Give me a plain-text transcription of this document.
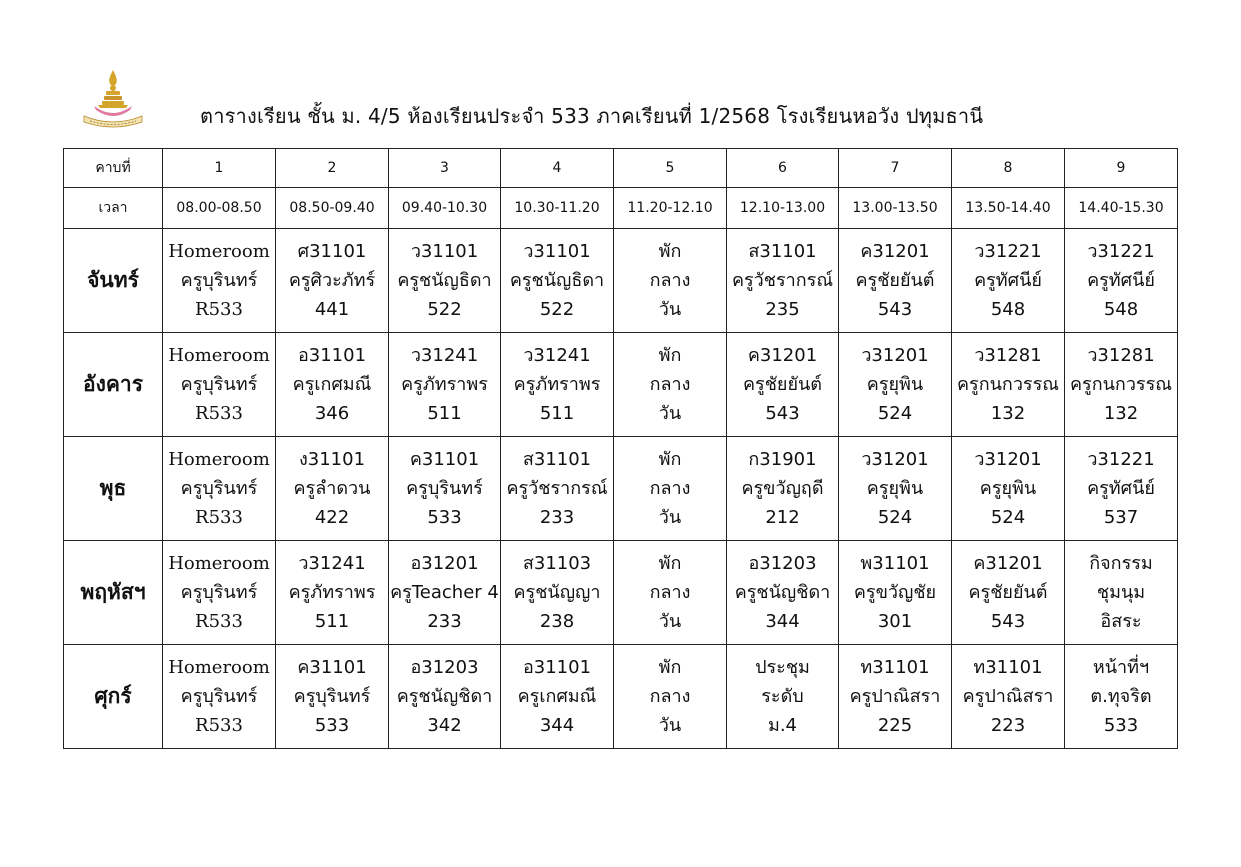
ตารางเรียน ชั้น ม. 4/5 ห้องเรียนประจำ 533 ภาคเรียนที่ 1/2568 โรงเรียนหอวัง ปทุมธานี
คาบที่	1	2	3	4	5	6	7	8	9
เวลา	08.00-08.50	08.50-09.40	09.40-10.30	10.30-11.20	11.20-12.10	12.10-13.00	13.00-13.50	13.50-14.40	14.40-15.30
จันทร์	Homeroom
ครูบุรินทร์
R533	ศ31101
ครูศิวะภัทร์
441	ว31101
ครูชนัญธิดา
522	ว31101
ครูชนัญธิดา
522	พัก
กลาง
วัน	ส31101
ครูวัชรากรณ์
235	ค31201
ครูชัยยันต์
543	ว31221
ครูทัศนีย์
548	ว31221
ครูทัศนีย์
548

อังคาร	Homeroom
ครูบุรินทร์
R533	อ31101
ครูเกศมณี
346	ว31241
ครูภัทราพร
511	ว31241
ครูภัทราพร
511	พัก
กลาง
วัน	ค31201
ครูชัยยันต์
543	ว31201
ครูยุพิน
524	ว31281
ครูกนกวรรณ
132	ว31281
ครูกนกวรรณ
132

พุธ	Homeroom
ครูบุรินทร์
R533	ง31101
ครูลำดวน
422	ค31101
ครูบุรินทร์
533	ส31101
ครูวัชรากรณ์
233	พัก
กลาง
วัน	ก31901
ครูขวัญฤดี
212	ว31201
ครูยุพิน
524	ว31201
ครูยุพิน
524	ว31221
ครูทัศนีย์
537

พฤหัสฯ	Homeroom
ครูบุรินทร์
R533	ว31241
ครูภัทราพร
511	อ31201
ครูTeacher 4
233	ส31103
ครูชนัญญา
238	พัก
กลาง
วัน	อ31203
ครูชนัญชิดา
344	พ31101
ครูขวัญชัย
301	ค31201
ครูชัยยันต์
543	กิจกรรม
ชุมนุม
อิสระ

ศุกร์	Homeroom
ครูบุรินทร์
R533	ค31101
ครูบุรินทร์
533	อ31203
ครูชนัญชิดา
342	อ31101
ครูเกศมณี
344	พัก
กลาง
วัน	ประชุม
ระดับ
ม.4	ท31101
ครูปาณิสรา
225	ท31101
ครูปาณิสรา
223	หน้าที่ฯ
ต.ทุจริต
533
